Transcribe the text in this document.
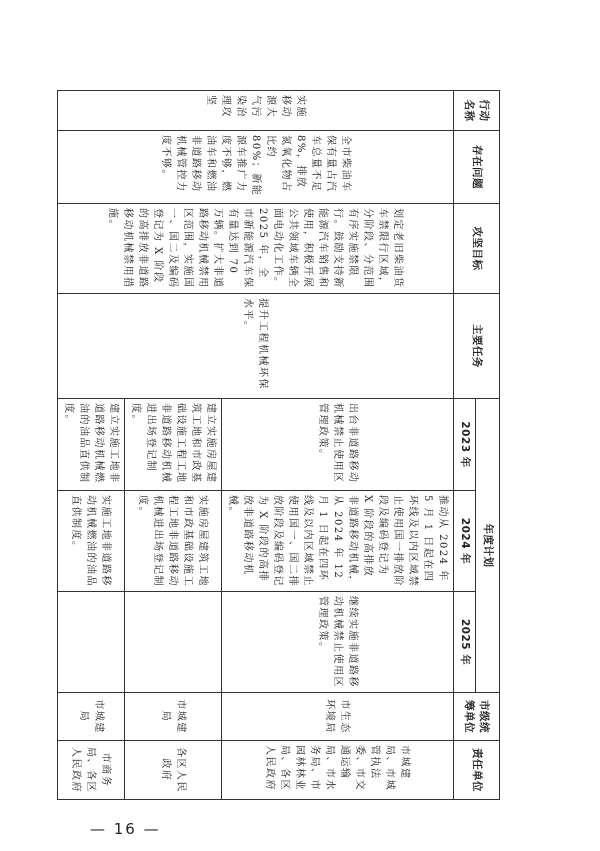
行动名称	存在问题	攻坚目标	主要任务	年度计划			市级统筹单位	责任单位
				2023 年	2024 年	2025 年		
实施移动源大气污染治理攻坚	全市柴油车保有量占汽车总量不足 8%，排放氮氧化物占比约 80%；新能源车推广力度不够，燃油车和燃油非道路移动机械管控力度不够。	划定老旧柴油货车禁限行区域，分阶段、分范围有序实施禁限行。鼓励支持新能源汽车销售和使用，积极开展公共领域车辆全面电动化工作。2025 年，全市新能源汽车保有量达到 70 万辆。扩大非道路移动机械禁用区范围，实施国一、国二及编码登记为 X 阶段的高排放非道路移动机械禁用措施。	提升工程机械环保水平。	出台非道路移动机械禁止使用区管理政策。	推动从 2024 年 5 月 1 日起在四环线及以内区域禁止使用国一排放阶段及编码登记为 X 阶段的高排放非道路移动机械，从 2024 年 12 月 1 日起在四环线及以内区域禁止使用国一、国二排放阶段及编码登记为 X 阶段的高排放非道路移动机械。	继续实施非道路移动机械禁止使用区管理政策。	市生态环境局	市城建局、市城管执法委、市交通运输局、市水务局、市园林林业局、各区人民政府
				建立实施房屋建筑工地和市政基础设施工程工地非道路移动机械进出场登记制度。	实施房屋建筑工地和市政基础设施工程工地非道路移动机械进出场登记制度。		市城建局	各区人民政府
				建立实施工地非道路移动机械燃油的油品直供制度。	实施工地非道路移动机械燃油的油品直供制度。		市城建局	市商务局、各区人民政府
— 16 —
